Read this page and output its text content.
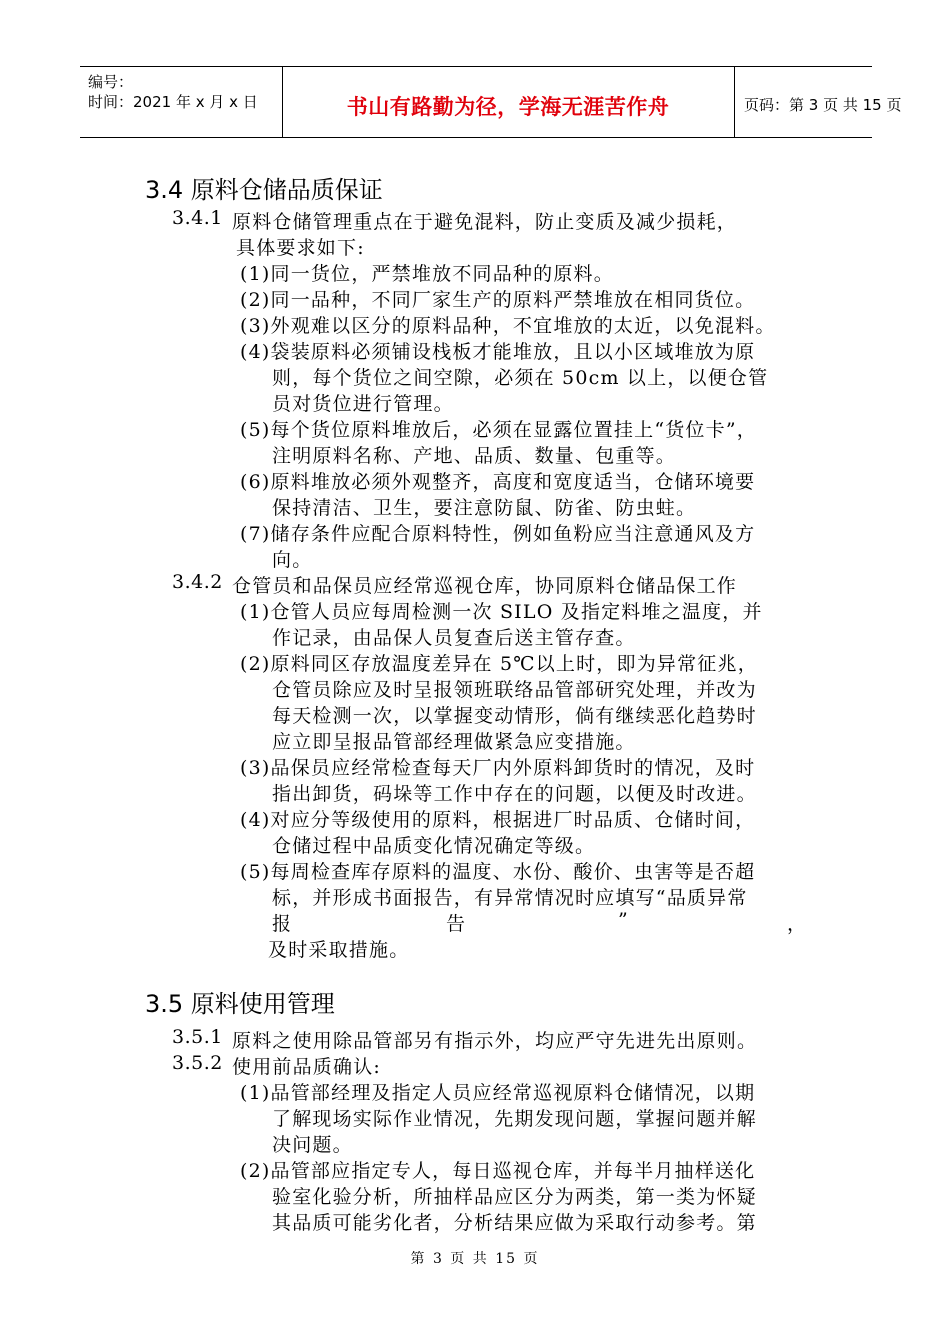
编号：
时间：2021 年 x 月 x 日	书山有路勤为径，学海无涯苦作舟	页码：第 3 页 共 15 页
3.4 原料仓储品质保证
3.4.1 原料仓储管理重点在于避免混料，防止变质及减少损耗，
具体要求如下:
(1)同一货位，严禁堆放不同品种的原料。
(2)同一品种，不同厂家生产的原料严禁堆放在相同货位。
(3)外观难以区分的原料品种，不宜堆放的太近，以免混料。
(4)袋装原料必须铺设栈板才能堆放，且以小区域堆放为原
则，每个货位之间空隙，必须在 50cm 以上，以便仓管
员对货位进行管理。
(5)每个货位原料堆放后，必须在显露位置挂上“货位卡”，
注明原料名称、产地、品质、数量、包重等。
(6)原料堆放必须外观整齐，高度和宽度适当，仓储环境要
保持清洁、卫生，要注意防鼠、防雀、防虫蛀。
(7)储存条件应配合原料特性，例如鱼粉应当注意通风及方
向。
3.4.2 仓管员和品保员应经常巡视仓库，协同原料仓储品保工作
(1)仓管人员应每周检测一次 SILO 及指定料堆之温度，并
作记录，由品保人员复查后送主管存查。
(2)原料同区存放温度差异在 5℃以上时，即为异常征兆，
仓管员除应及时呈报领班联络品管部研究处理，并改为
每天检测一次，以掌握变动情形，倘有继续恶化趋势时
应立即呈报品管部经理做紧急应变措施。
(3)品保员应经常检查每天厂内外原料卸货时的情况，及时
指出卸货，码垛等工作中存在的问题，以便及时改进。
(4)对应分等级使用的原料，根据进厂时品质、仓储时间，
仓储过程中品质变化情况确定等级。
(5)每周检查库存原料的温度、水份、酸价、虫害等是否超
标，并形成书面报告，有异常情况时应填写“品质异常
报	告	”	，
及时采取措施。
3.5 原料使用管理
3.5.1 原料之使用除品管部另有指示外，均应严守先进先出原则。
3.5.2 使用前品质确认:
(1)品管部经理及指定人员应经常巡视原料仓储情况，以期
了解现场实际作业情况，先期发现问题，掌握问题并解
决问题。
(2)品管部应指定专人，每日巡视仓库，并每半月抽样送化
验室化验分析，所抽样品应区分为两类，第一类为怀疑
其品质可能劣化者，分析结果应做为采取行动参考。第
第 3 页 共 15 页
